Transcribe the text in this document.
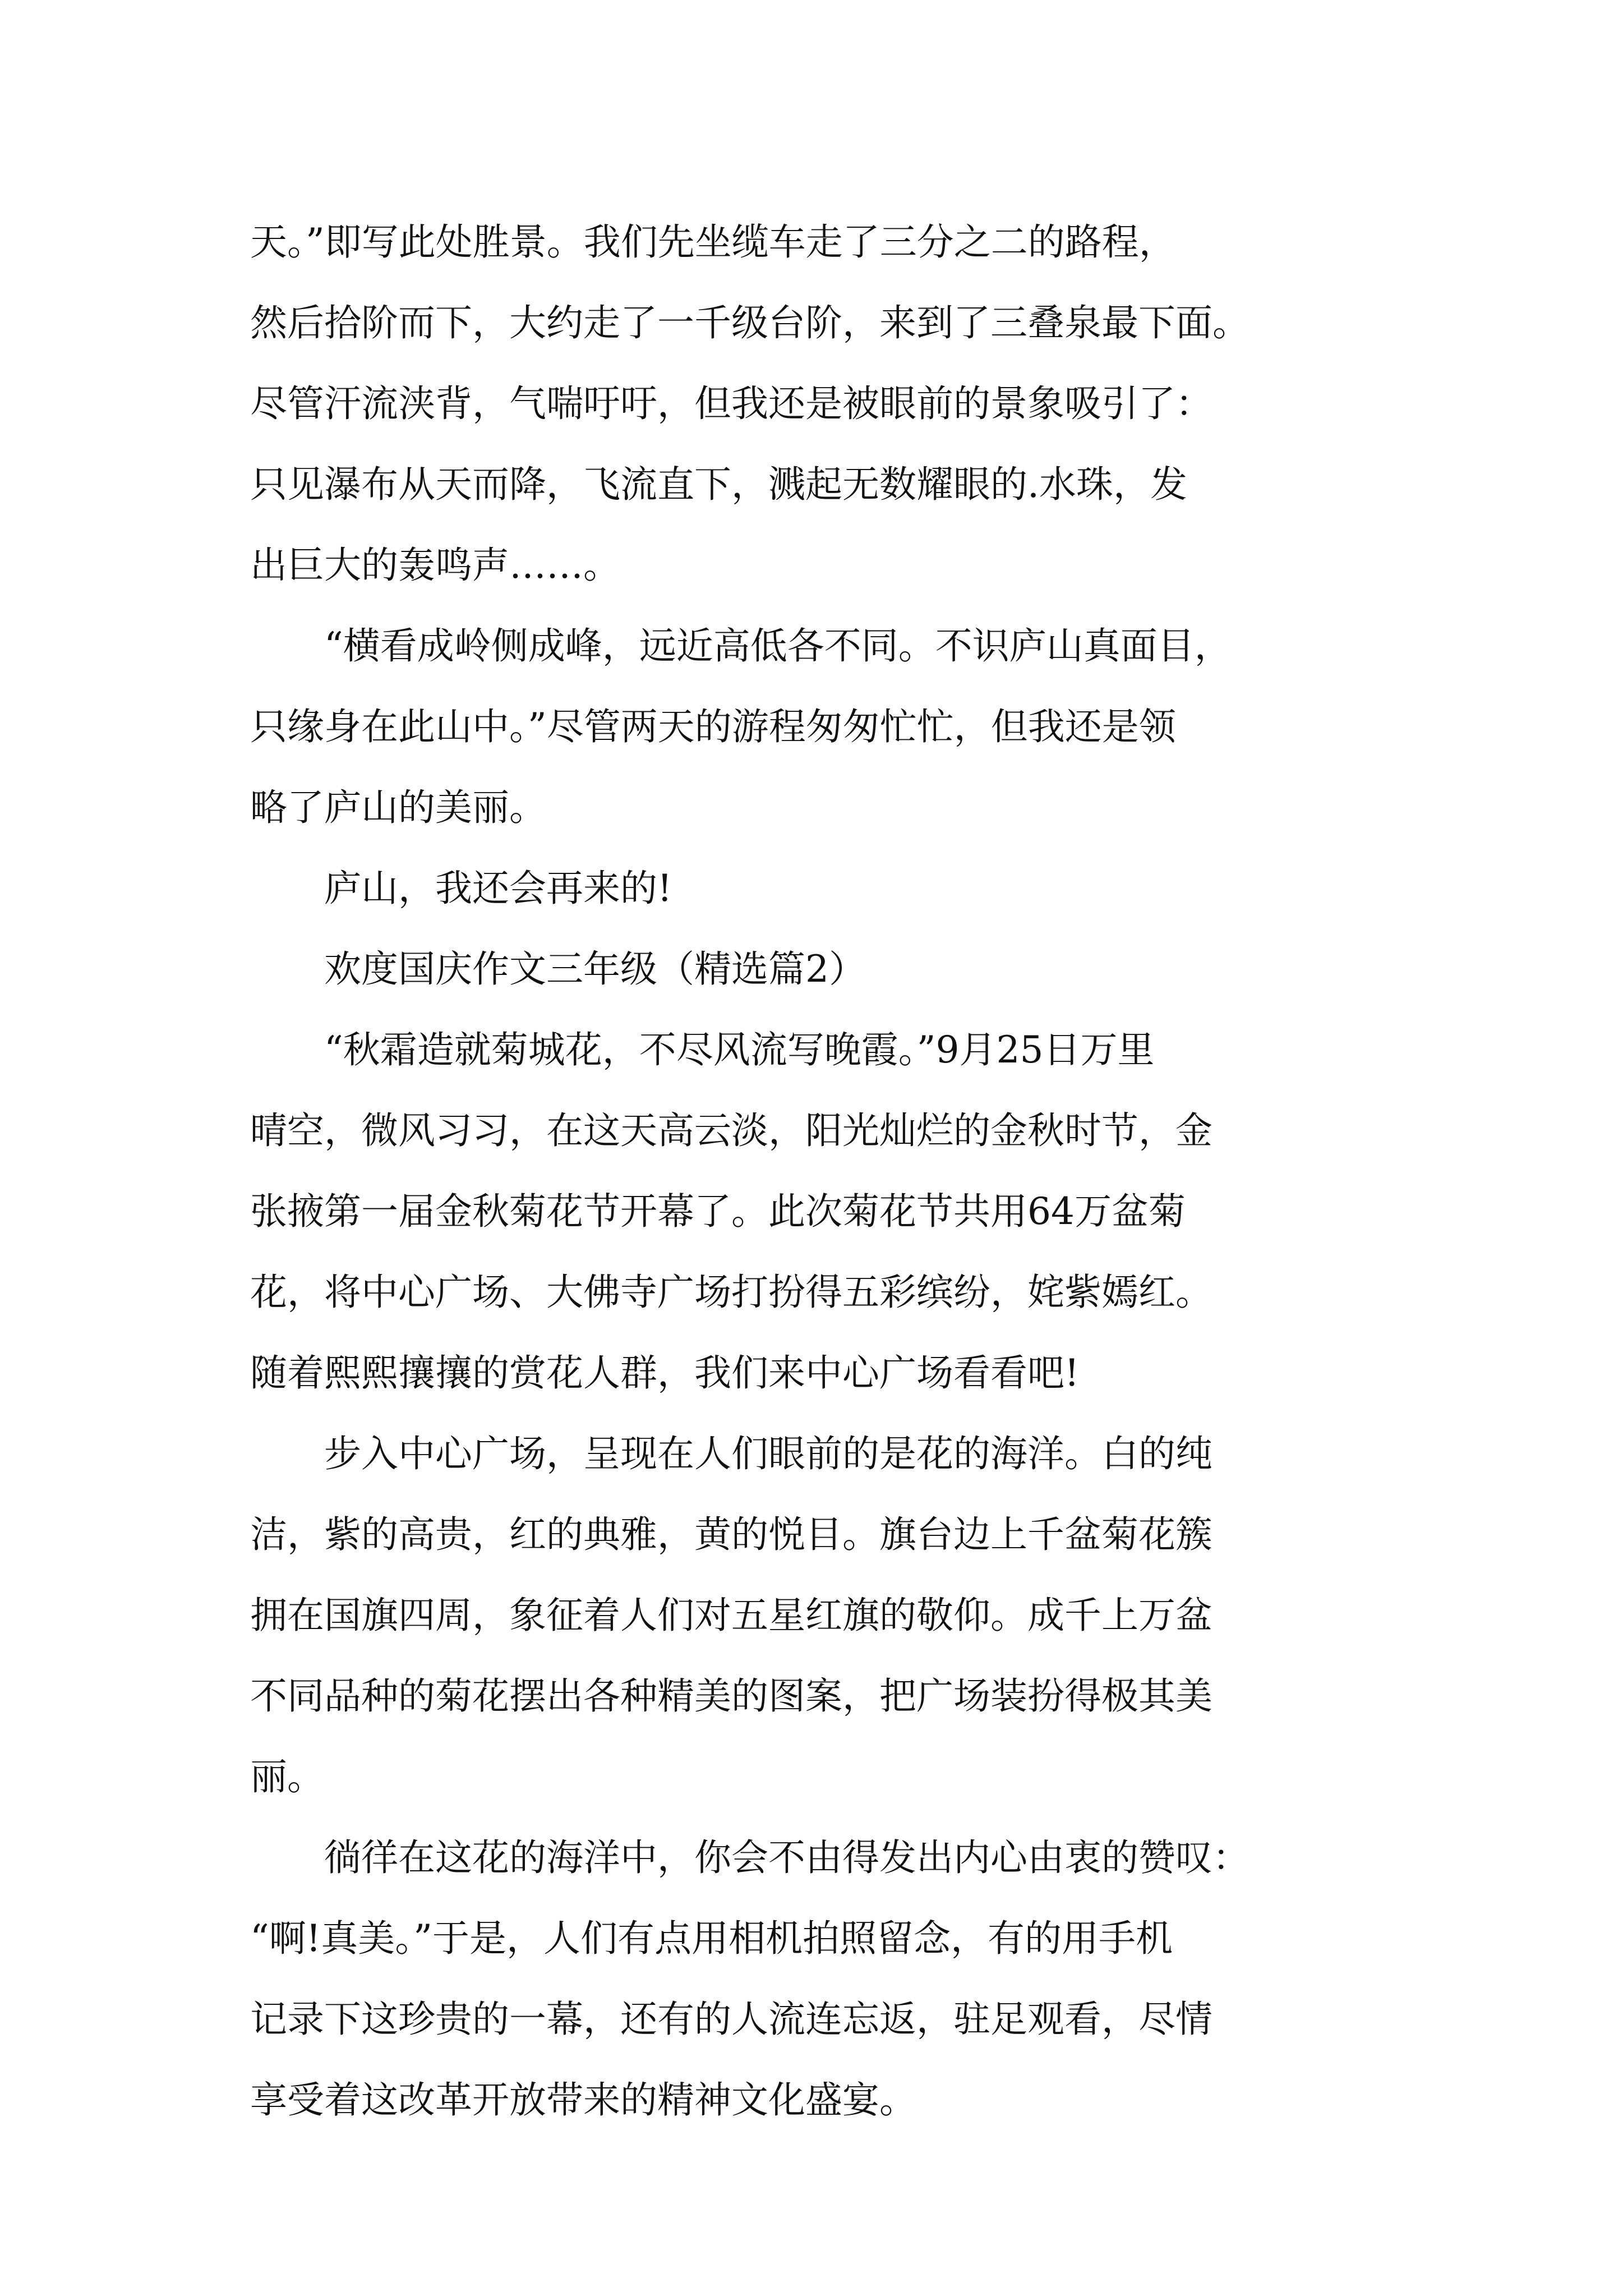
天。”即写此处胜景。我们先坐缆车走了三分之二的路程，
然后拾阶而下，大约走了一千级台阶，来到了三叠泉最下面。
尽管汗流浃背，气喘吁吁，但我还是被眼前的景象吸引了：
只见瀑布从天而降，飞流直下，溅起无数耀眼的.水珠，发
出巨大的轰鸣声……。

“横看成岭侧成峰，远近高低各不同。不识庐山真面目，
只缘身在此山中。”尽管两天的游程匆匆忙忙，但我还是领
略了庐山的美丽。

庐山，我还会再来的!

欢度国庆作文三年级（精选篇2）

“秋霜造就菊城花，不尽风流写晚霞。”9月25日万里
晴空，微风习习，在这天高云淡，阳光灿烂的金秋时节，金
张掖第一届金秋菊花节开幕了。此次菊花节共用64万盆菊
花，将中心广场、大佛寺广场打扮得五彩缤纷，姹紫嫣红。
随着熙熙攘攘的赏花人群，我们来中心广场看看吧!

步入中心广场，呈现在人们眼前的是花的海洋。白的纯
洁，紫的高贵，红的典雅，黄的悦目。旗台边上千盆菊花簇
拥在国旗四周，象征着人们对五星红旗的敬仰。成千上万盆
不同品种的菊花摆出各种精美的图案，把广场装扮得极其美
丽。

徜徉在这花的海洋中，你会不由得发出内心由衷的赞叹：
“啊!真美。”于是，人们有点用相机拍照留念，有的用手机
记录下这珍贵的一幕，还有的人流连忘返，驻足观看，尽情
享受着这改革开放带来的精神文化盛宴。
